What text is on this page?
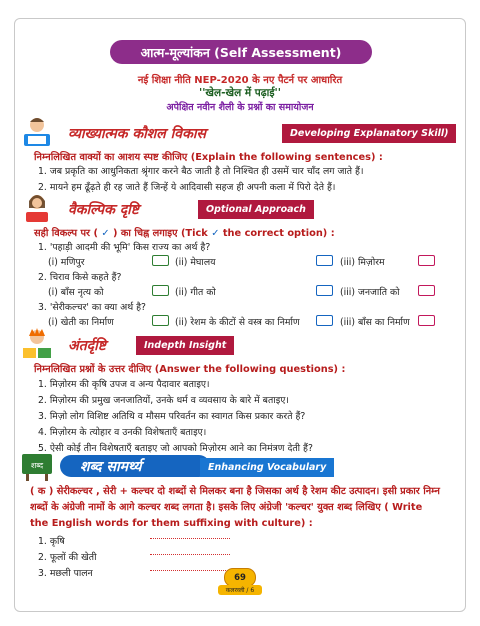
आत्म-मूल्यांकन (Self Assessment)
नई शिक्षा नीति NEP-2020 के नए पैटर्न पर आधारित
''खेल-खेल में पढ़ाई''
अपेक्षित नवीन शैली के प्रश्नों का समायोजन
व्याख्यात्मक कौशल विकास	Developing Explanatory Skill)
निम्नलिखित वाक्यों का आशय स्पष्ट कीजिए (Explain the following sentences) :
1. जब प्रकृति का आधुनिकता श्रृंगार करने बैठ जाती है तो निश्चित ही उसमें चार चाँद लग जाते हैं।
2. मायने हम ढूँढ़ते ही रह जाते हैं जिन्हें ये आदिवासी सहज ही अपनी कला में पिरो देते हैं।
वैकल्पिक दृष्टि	Optional Approach
सही विकल्प पर ( ✓ ) का चिह्न लगाइए (Tick ✓ the correct option) :
1. 'पहाड़ी आदमी की भूमि' किस राज्य का अर्थ है?
(i) मणिपुर	(ii) मेघालय	(iii) मिज़ोरम
2. चिराव किसे कहते हैं?
(i) बाँस नृत्य को	(ii) गीत को	(iii) जनजाति को
3. 'सेरीकल्चर' का क्या अर्थ है?
(i) खेती का निर्माण	(ii) रेशम के कीटों से वस्त्र का निर्माण	(iii) बाँस का निर्माण
अंतर्दृष्टि	Indepth Insight
निम्नलिखित प्रश्नों के उत्तर दीजिए (Answer the following questions) :
1. मिज़ोरम की कृषि उपज व अन्य पैदावार बताइए।
2. मिज़ोरम की प्रमुख जनजातियों, उनके धर्म व व्यवसाय के बारे में बताइए।
3. मिज़ो लोग विशिष्ट अतिथि व मौसम परिवर्तन का स्वागत किस प्रकार करते हैं?
4. मिज़ोरम के त्योहार व उनकी विशेषताएँ बताइए।
5. ऐसी कोई तीन विशेषताएँ बताइए जो आपको मिज़ोरम आने का निमंत्रण देती हैं?
शब्द	शब्द सामर्थ्य	Enhancing Vocabulary
( क ) सेरीकल्चर , सेरी + कल्चर दो शब्दों से मिलकर बना है जिसका अर्थ है रेशम कीट उत्पादन। इसी प्रकार निम्न शब्दों के अंग्रेजी नामों के आगे कल्चर शब्द लगता है। इसके लिए अंग्रेजी 'कल्चर' युक्त शब्द लिखिए ( Write the English words for them suffixing with culture) :
1. कृषि
2. फूलों की खेती
3. मछली पालन	69
कलरव्ली / 6
